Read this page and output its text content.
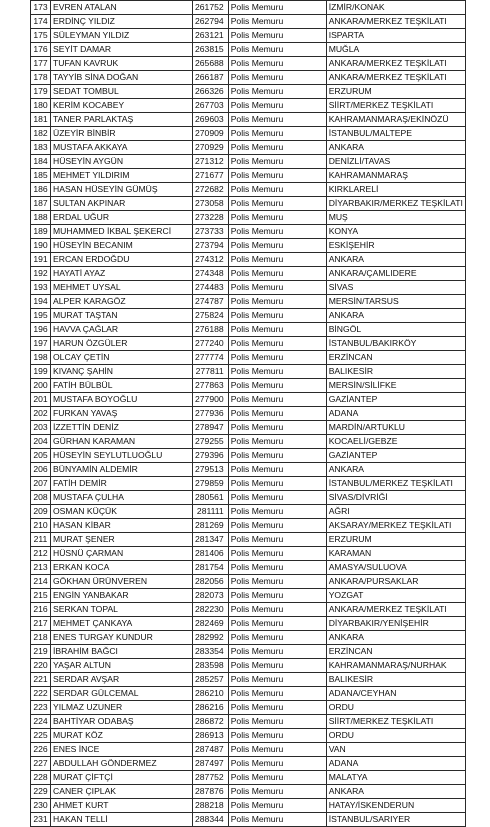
173	EVREN ATALAN	261752	Polis Memuru	İZMİR/KONAK
174	ERDİNÇ YILDIZ	262794	Polis Memuru	ANKARA/MERKEZ TEŞKİLATI
175	SÜLEYMAN YILDIZ	263121	Polis Memuru	ISPARTA
176	SEYİT DAMAR	263815	Polis Memuru	MUĞLA
177	TUFAN KAVRUK	265688	Polis Memuru	ANKARA/MERKEZ TEŞKİLATI
178	TAYYİB SİNA DOĞAN	266187	Polis Memuru	ANKARA/MERKEZ TEŞKİLATI
179	SEDAT TOMBUL	266326	Polis Memuru	ERZURUM
180	KERİM KOCABEY	267703	Polis Memuru	SİİRT/MERKEZ TEŞKİLATI
181	TANER PARLAKTAŞ	269603	Polis Memuru	KAHRAMANMARAŞ/EKİNÖZÜ
182	ÜZEYİR BİNBİR	270909	Polis Memuru	İSTANBUL/MALTEPE
183	MUSTAFA AKKAYA	270929	Polis Memuru	ANKARA
184	HÜSEYİN AYGÜN	271312	Polis Memuru	DENİZLİ/TAVAS
185	MEHMET YILDIRIM	271677	Polis Memuru	KAHRAMANMARAŞ
186	HASAN HÜSEYİN GÜMÜŞ	272682	Polis Memuru	KIRKLARELİ
187	SULTAN AKPINAR	273058	Polis Memuru	DİYARBAKIR/MERKEZ TEŞKİLATI
188	ERDAL UĞUR	273228	Polis Memuru	MUŞ
189	MUHAMMED İKBAL ŞEKERCİ	273733	Polis Memuru	KONYA
190	HÜSEYİN BECANIM	273794	Polis Memuru	ESKİŞEHİR
191	ERCAN ERDOĞDU	274312	Polis Memuru	ANKARA
192	HAYATİ AYAZ	274348	Polis Memuru	ANKARA/ÇAMLIDERE
193	MEHMET UYSAL	274483	Polis Memuru	SİVAS
194	ALPER KARAGÖZ	274787	Polis Memuru	MERSİN/TARSUS
195	MURAT TAŞTAN	275824	Polis Memuru	ANKARA
196	HAVVA ÇAĞLAR	276188	Polis Memuru	BİNGÖL
197	HARUN ÖZGÜLER	277240	Polis Memuru	İSTANBUL/BAKIRKÖY
198	OLCAY ÇETİN	277774	Polis Memuru	ERZİNCAN
199	KIVANÇ ŞAHİN	277811	Polis Memuru	BALIKESİR
200	FATİH BÜLBÜL	277863	Polis Memuru	MERSİN/SİLİFKE
201	MUSTAFA BOYOĞLU	277900	Polis Memuru	GAZİANTEP
202	FURKAN YAVAŞ	277936	Polis Memuru	ADANA
203	İZZETTİN DENİZ	278947	Polis Memuru	MARDİN/ARTUKLU
204	GÜRHAN KARAMAN	279255	Polis Memuru	KOCAELİ/GEBZE
205	HÜSEYİN SEYLUTLUOĞLU	279396	Polis Memuru	GAZİANTEP
206	BÜNYAMİN ALDEMİR	279513	Polis Memuru	ANKARA
207	FATİH DEMİR	279859	Polis Memuru	İSTANBUL/MERKEZ TEŞKİLATI
208	MUSTAFA ÇULHA	280561	Polis Memuru	SİVAS/DİVRİĞİ
209	OSMAN KÜÇÜK	281111	Polis Memuru	AĞRI
210	HASAN KİBAR	281269	Polis Memuru	AKSARAY/MERKEZ TEŞKİLATI
211	MURAT ŞENER	281347	Polis Memuru	ERZURUM
212	HÜSNÜ ÇARMAN	281406	Polis Memuru	KARAMAN
213	ERKAN KOCA	281754	Polis Memuru	AMASYA/SULUOVA
214	GÖKHAN ÜRÜNVEREN	282056	Polis Memuru	ANKARA/PURSAKLAR
215	ENGİN YANBAKAR	282073	Polis Memuru	YOZGAT
216	SERKAN TOPAL	282230	Polis Memuru	ANKARA/MERKEZ TEŞKİLATI
217	MEHMET ÇANKAYA	282469	Polis Memuru	DİYARBAKIR/YENİŞEHİR
218	ENES TURGAY KUNDUR	282992	Polis Memuru	ANKARA
219	İBRAHİM BAĞCI	283354	Polis Memuru	ERZİNCAN
220	YAŞAR ALTUN	283598	Polis Memuru	KAHRAMANMARAŞ/NURHAK
221	SERDAR AVŞAR	285257	Polis Memuru	BALIKESİR
222	SERDAR GÜLCEMAL	286210	Polis Memuru	ADANA/CEYHAN
223	YILMAZ UZUNER	286216	Polis Memuru	ORDU
224	BAHTİYAR ODABAŞ	286872	Polis Memuru	SİİRT/MERKEZ TEŞKİLATI
225	MURAT KÖZ	286913	Polis Memuru	ORDU
226	ENES İNCE	287487	Polis Memuru	VAN
227	ABDULLAH GÖNDERMEZ	287497	Polis Memuru	ADANA
228	MURAT ÇİFTÇİ	287752	Polis Memuru	MALATYA
229	CANER ÇIPLAK	287876	Polis Memuru	ANKARA
230	AHMET KURT	288218	Polis Memuru	HATAY/İSKENDERUN
231	HAKAN TELLİ	288344	Polis Memuru	İSTANBUL/SARIYER
